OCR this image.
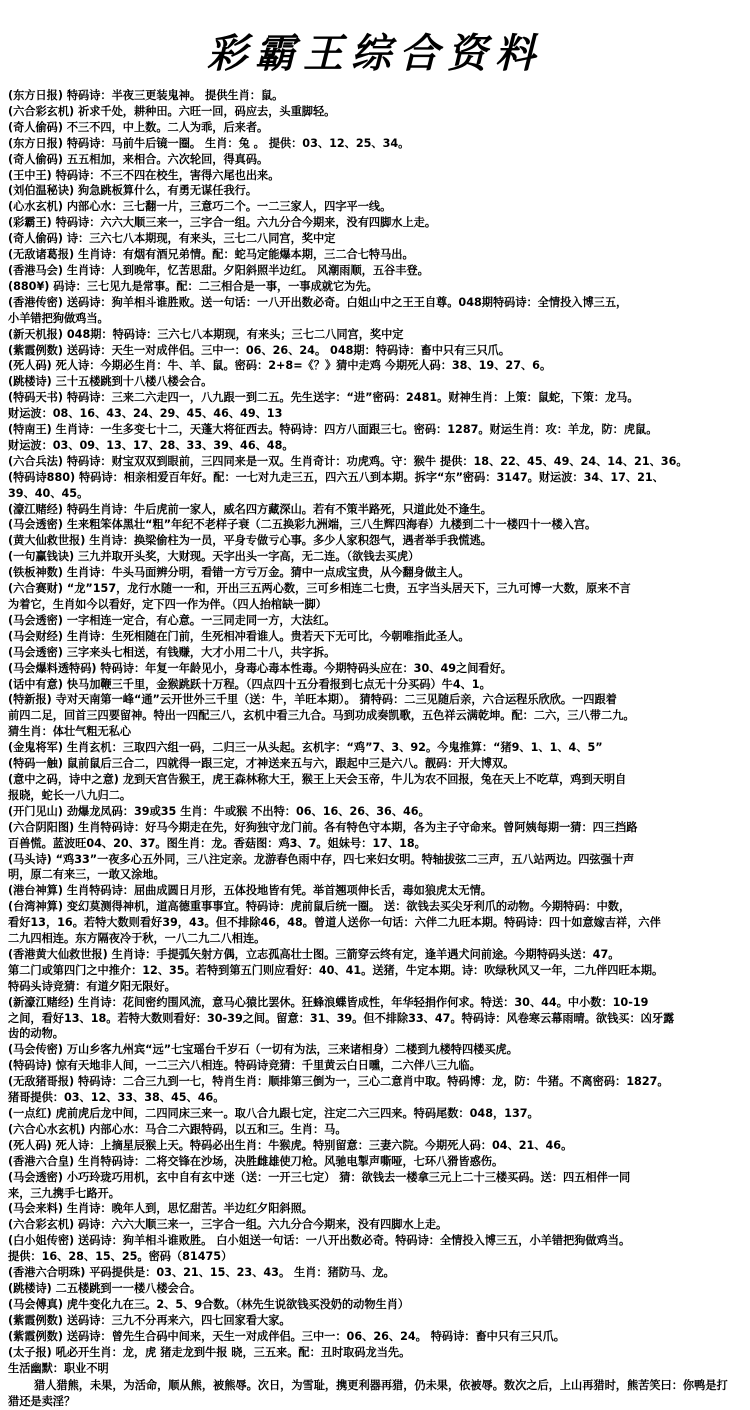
彩霸王综合资料
(东方日报) 特码诗：半夜三更装鬼神。 提供生肖：鼠。
(六合彩玄机) 祈求千处，耕种田。六旺一回，码应去，头重脚轻。
(奇人偷码) 不三不四，中上数。二人为乖，后来者。
(东方日报) 特码诗：马前牛后镜一圈。 生肖：兔 。 提供：03、12、25、34。
(奇人偷码) 五五相加，来相合。六次轮回，得真码。
(王中王) 特码诗：不三不四在校生，害得六尾也出来。
(刘伯温秘诀) 狗急跳板算什么，有勇无谋任我行。
(心水玄机) 内部心水：三七翻一片，三意巧二个。一二三家人，四字平一线。
(彩霸王) 特码诗：六六大顺三来一，三字合一组。六九分合今期来，没有四脚水上走。
(奇人偷码) 诗：三六七八本期现，有来头，三七二八同宫，奖中定
(无敌诸葛报) 生肖诗：有烟有酒兄弟情。配：蛇马定能爆本期，三二合七特马出。
(香港马会) 生肖诗：人到晚年，忆苦思甜。夕阳斜照半边红。 风潮雨顺，五谷丰登。
(880¥) 码诗：三七见九是常事。配：二三相合是一事，一事成就它为先。
(香港传密) 送码诗：狗羊相斗谁胜败。送一句话：一八开出数必奇。白姐山中之王王自尊。048期特码诗：全情投入博三五，
小羊错把狗做鸡当。
(新天机报) 048期：特码诗：三六七八本期现，有来头；三七二八同宫，奖中定
(紫霞例数) 送码诗：天生一对成伴侣。三中一：06、26、24。 048期：特码诗：畜中只有三只爪。
(死人码) 死人诗：今期必生肖：牛、羊、鼠。密码：2+8=《？》猜中走鸡 今期死人码：38、19、27、6。
(跳楼诗) 三十五楼跳到十八楼八楼会合。
(特码天书) 特码诗：三来二六走四一，八九跟一到二五。先生送字：“进”密码：2481。财神生肖：上策：鼠蛇，下策：龙马。
财运波：08、16、43、24、29、45、46、49、13
(特南王) 生肖诗：一生多变七十二，天蓬大将征西去。特码诗：四方八面跟三七。密码：1287。财运生肖：攻：羊龙，防：虎鼠。
财运波：03、09、13、17、28、33、39、46、48。
(六合兵法) 特码诗：财宝双双到眼前，三四同来是一双。生肖奇计：功虎鸡。守：猴牛 提供：18、22、45、49、24、14、21、36。
(特码诗880) 特码诗：相亲相爱百年好。配：一七对九走三五，四六五八到本期。拆字“东”密码：3147。财运波：34、17、21、
39、40、45。
(濠江赌经) 特码生肖诗：牛后虎前一家人，威名四方藏深山。若有不策半路死，只道此处不逢生。
(马会透密) 生来粗笨体黑壮“粗”年纪不老样子衰（二五换彩九洲端，三八生辉四海春）九楼到二十一楼四十一楼入宫。
(黄大仙救世报) 生肖诗：换梁偷柱为一员，平身专做亏心事。多少人家积怨气，遇者举手我慌逃。
(一句赢钱诀) 三九并取开头奖，大财现。天字出头一字高，无二连。（欲钱去买虎）
(铁板神数) 生肖诗：牛头马面辨分明，看错一方亏万金。猜中一点成宝贵，从今翻身做主人。
(六合赛财) “龙”157，龙行水随一一和，开出三五两心数，三可乡相连二七贵，五字当头居天下，三九可博一大数，原来不言
为着它，生肖如今以看好，定下四一作为伴。（四人抬棺缺一脚）
(马会透密) 一字相连一定合，有心意。一三同走同一方，大法红。
(马会财经) 生肖诗：生死相随在门前，生死相冲看谁人。贵若天下无可比，今朝唯指此圣人。
(马会透密) 三字来头七相送，有钱赚，大才小用二十八，共字拆。
(马会爆料透特码) 特码诗：年复一年龄见小，身毒心毒本性毒。今期特码头应在：30、49之间看好。
(话中有意) 快马加鞭三千里，金猴跳跃十万程。（四点四十五分看报到七点无十分买码）牛4、1。
(特新报) 寺对天南第一峰“通”云开世外三千里（送：牛，羊旺本期）。 猜特码：二三见随后亲，六合运程乐欣欣。一四跟着
前四二足，回首三四要留神。特出一四配三八，玄机中看三九合。马到功成奏凯歌，五色祥云满乾坤。配：二六，三八带二九。
猜生肖：体壮气粗无私心
(金鬼将军) 生肖玄机：三取四六组一码，二归三一从头起。玄机字：“鸡”7、3、92。今鬼推算：“猪9、1、1、4、5”
(特码一触) 鼠前鼠后三合二，四就得一跟三定，才神送来五与六，跟起中三是六八。靓码：开大博双。
(意中之码，诗中之意) 龙到天宫告猴王，虎王森林称大王，猴王上天会玉帝，牛儿为农不回报，兔在天上不吃草，鸡到天明自
报晓，蛇长一八九归二。
(开门见山) 劲爆龙凤码：39或35 生肖：牛或猴 不出特：06、16、26、36、46。
(六合阴阳图) 生肖特码诗：好马今期走在先，好狗独守龙门前。各有特色守本期，各为主子守命来。曾阿姨每期一猜：四三挡路
百兽慌。蓝波旺04、20、37。图生肖：龙。香菇图：鸡3、7。姐妹号：17、18。
(马头诗) “鸡33”一夜多心五外同，三八注定亲。龙游春色雨中存，四七来妇女明。特轴拔弦二三声，五八站两边。四弦强十声
明，原二有来三，一敢又涂地。
(港台神算) 生肖特码诗：屈曲成圆日月形，五体投地皆有凭。举首翘项伸长舌，毒如狼虎太无情。
(台湾神算) 变幻莫测得神机，道高德重事事宜。特码诗：虎前鼠后统一圈。 送：欲钱去买尖牙利爪的动物。今期特码：中数，
看好13，16。若特大数则看好39，43。但不排除46，48。曾道人送你一句话：六伴二九旺本期。特码诗：四十如意嫁吉祥，六伴
二九四相连。东方隔夜冷于秋，一八二九二八相连。
(香港黄大仙救世报) 生肖诗：手提弧矢射方偶，立志孤高壮士图。三箭穿云终有定，逢羊遇犬问前途。今期特码头送：47。
第二门或第四门之中推介：12、35。若特到第五门则应看好：40、41。送猪，牛定本期。诗：吹绿秋风又一年，二九伴四旺本期。
特码头诗竞猜：有道夕阳无限好。
(新濠江赌经) 生肖诗：花间密约围风流，意马心猿比罢休。狂蜂浪蝶皆成性，年华轻捐作何求。特送：30、44。中小数：10-19
之间，看好13、18。若特大数则看好：30-39之间。留意：31、39。但不排除33、47。特码诗：风卷寒云幕雨晴。欲钱买：凶牙露
齿的动物。
(马会传密) 万山乡客九州宾“远”七宝瑶台千岁石（一切有为法，三来诸相身）二楼到九楼特四楼买虎。
(特码诗) 惊有天地非人间，一二三六八相连。特码诗竞猜：千里黄云白日曛，二六伴八三九临。
(无敌猪哥报) 特码诗：二合三九到一七，特肖生肖：顺排第三倒为一，三心二意肖中取。特码博：龙，防：牛猪。不离密码：1827。
猪哥提供：03、12、33、38、45、46。
(一点红) 虎前虎后龙中间，二四同床三来一。取八合九跟七定，注定二六三四来。特码尾数：048，137。
(六合心水玄机) 内部心水：马合二六跟特码，以五和三。生肖：马。
(死人码) 死人诗：上摘星辰猴上天。特码必出生肖：牛猴虎。特别留意：三妻六院。今期死人码：04、21、46。
(香港六合皇) 生肖特码诗：二将交锋在沙场，决胜雌雄使刀枪。风驰电掣声嘶哑，七环八猾皆惑伤。
(马会透密) 小巧玲珑巧用机，玄中自有玄中迷（送：一开三七定） 猜：欲钱去一楼拿三元上二十三楼买码。送：四五相伴一同
来，三九携手七路开。
(马会来料) 生肖诗：晚年人到，思忆甜苦。半边红夕阳斜照。
(六合彩玄机) 码诗：六六大顺三来一，三字合一组。六九分合今期来，没有四脚水上走。
(白小姐传密) 送码诗：狗羊相斗谁败胜。 白小姐送一句话：一八开出数必奇。特码诗：全情投入博三五，小羊错把狗做鸡当。
提供：16、28、15、25。密码（81475）
(香港六合明珠) 平码提供是：03、21、15、23、43。 生肖：猪防马、龙。
(跳楼诗) 二五楼跳到一一楼八楼会合。
(马会傅真) 虎牛变化九在三。2、5、9合数。（林先生说欲钱买没奶的动物生肖）
(紫霞例数) 送码诗：三九不分再来六，四七回家看大家。
(紫霞例数) 送码诗：曾先生合码中间来，天生一对成伴侣。三中一：06、26、24。 特码诗：畜中只有三只爪。
(太子报) 吼必开生肖：龙，虎 猪走龙到牛报 晓，三五来。配：丑时取码龙当先。
生活幽默：职业不明
猎人猎熊，未果，为活命，顺从熊，被熊辱。次日，为雪耻，携更利器再猎，仍未果，依被辱。数次之后，上山再猎时，熊苦笑曰：你鸭是打猎还是卖淫？
